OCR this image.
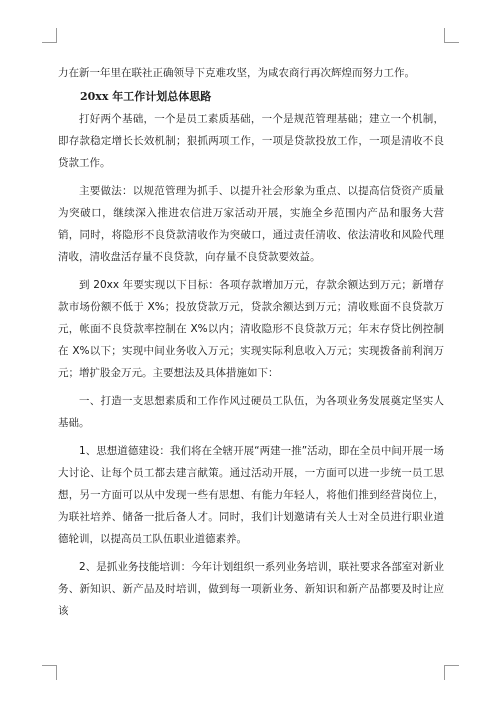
力在新一年里在联社正确领导下克难攻坚，为咸农商行再次辉煌而努力工作。

20xx 年工作计划总体思路

打好两个基础，一个是员工素质基础，一个是规范管理基础；建立一个机制，即存款稳定增长长效机制；狠抓两项工作，一项是贷款投放工作，一项是清收不良贷款工作。

主要做法：以规范管理为抓手、以提升社会形象为重点、以提高信贷资产质量为突破口，继续深入推进农信进万家活动开展，实施全乡范围内产品和服务大营销，同时，将隐形不良贷款清收作为突破口，通过责任清收、依法清收和风险代理清收，清收盘活存量不良贷款，向存量不良贷款要效益。

到 20xx 年要实现以下目标：各项存款增加万元，存款余额达到万元；新增存款市场份额不低于 X%；投放贷款万元，贷款余额达到万元；清收账面不良贷款万元，帐面不良贷款率控制在 X%以内；清收隐形不良贷款万元；年末存贷比例控制在 X%以下；实现中间业务收入万元；实现实际利息收入万元；实现拨备前利润万元；增扩股金万元。主要想法及具体措施如下：

一、打造一支思想素质和工作作风过硬员工队伍，为各项业务发展奠定坚实人基础。

1、思想道德建设：我们将在全辖开展“两建一推”活动，即在全员中间开展一场大讨论、让每个员工都去建言献策。通过活动开展，一方面可以进一步统一员工思想，另一方面可以从中发现一些有思想、有能力年轻人，将他们推到经营岗位上，为联社培养、储备一批后备人才。同时，我们计划邀请有关人士对全员进行职业道德轮训，以提高员工队伍职业道德素养。

2、是抓业务技能培训：今年计划组织一系列业务培训，联社要求各部室对新业务、新知识、新产品及时培训，做到每一项新业务、新知识和新产品都要及时让应该
